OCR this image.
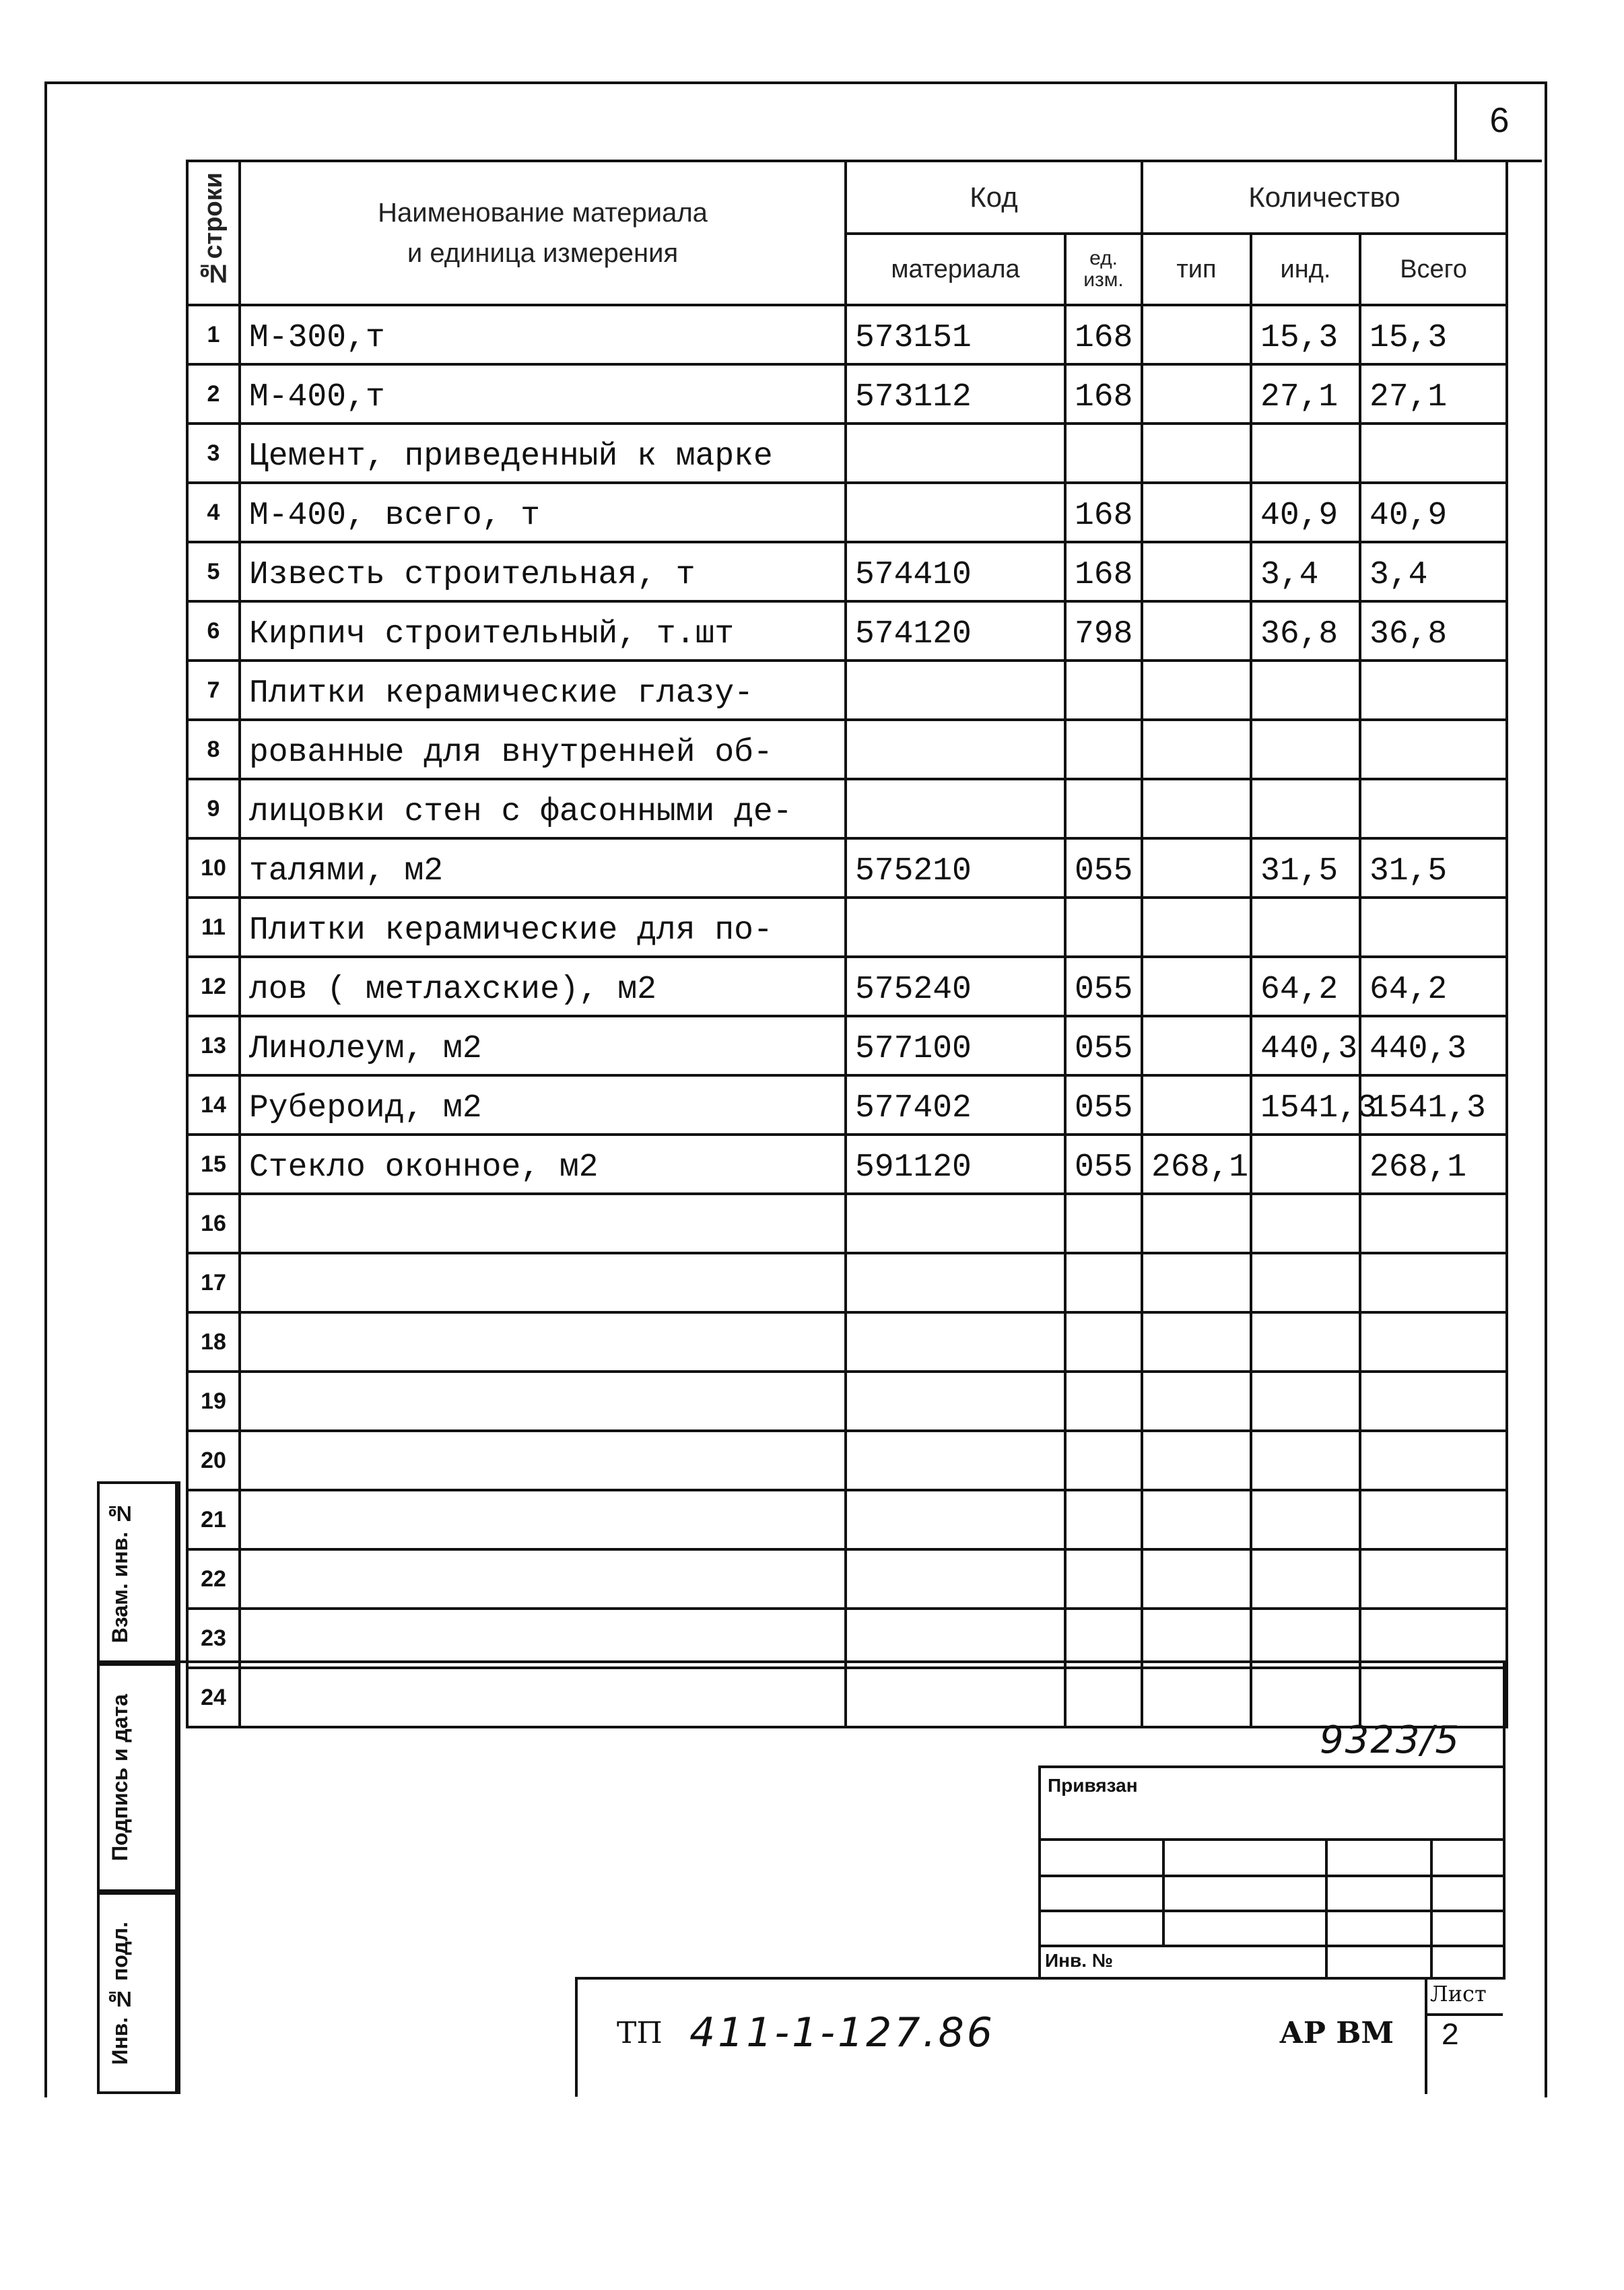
6
№строки	Наименование материала
и единица измерения	Код		Количество		
		материала	ед. изм.	тип	инд.	Всего
1	М-300,т	573151	168		15,3	15,3
2	М-400,т	573112	168		27,1	27,1
3	Цемент, приведенный к марке					
4	М-400, всего, т		168		40,9	40,9
5	Известь строительная, т	574410	168		3,4	3,4
6	Кирпич строительный, т.шт	574120	798		36,8	36,8
7	Плитки керамические глазу-					
8	рованные для внутренней об-					
9	лицовки стен с фасонными де-					
10	талями, м2	575210	055		31,5	31,5
11	Плитки керамические для по-					
12	лов ( метлахские), м2	575240	055		64,2	64,2
13	Линолеум, м2	577100	055		440,3	440,3
14	Рубероид, м2	577402	055		1541,3	1541,3
15	Стекло оконное, м2	591120	055	268,1		268,1
16						
17						
18						
19						
20						
21						
22						
23						
24						
Взам. инв. №
Подпись и дата
Инв. № подл.
9323/5
Привязан
Инв. №
Лист
2
ТП 411-1-127.86	АР ВМ
